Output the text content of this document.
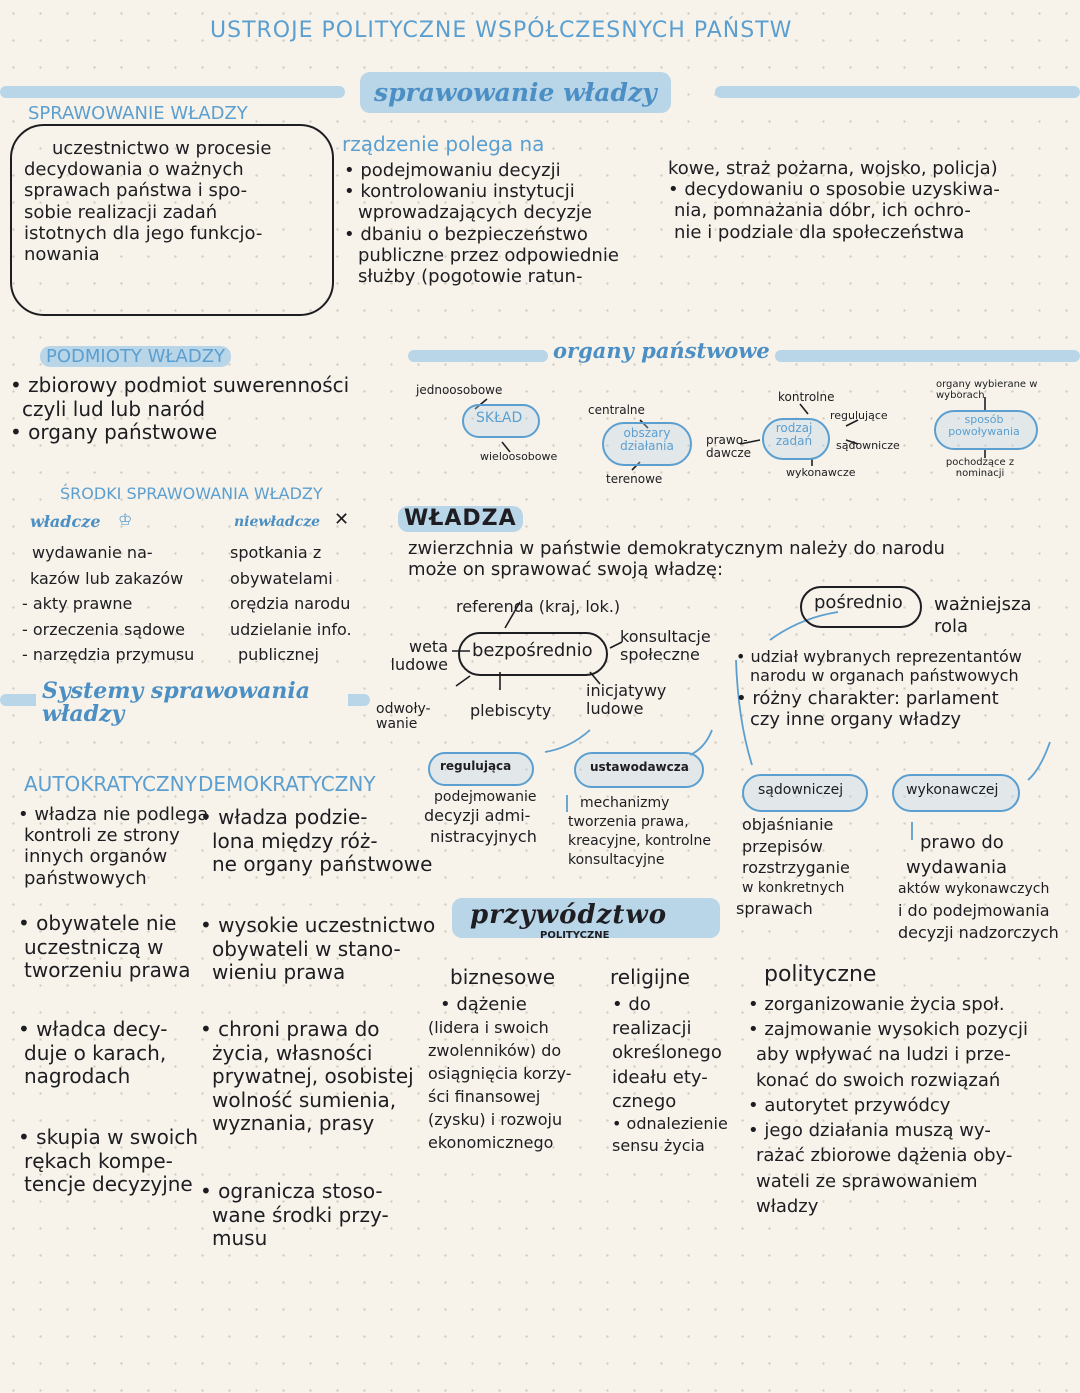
USTROJE POLITYCZNE WSPÓŁCZESNYCH PAŃSTW
sprawowanie władzy
SPRAWOWANIE WŁADZY
uczestnictwo w procesie
decydowania o ważnych
sprawach państwa i spo-
sobie realizacji zadań
istotnych dla jego funkcjo-
nowania
rządzenie polega na
• podejmowaniu decyzji
• kontrolowaniu instytucji
wprowadzających decyzje
• dbaniu o bezpieczeństwo
publiczne przez odpowiednie
służby (pogotowie ratun-
kowe, straż pożarna, wojsko, policja)
• decydowaniu o sposobie uzyskiwa-
nia, pomnażania dóbr, ich ochro-
nie i podziale dla społeczeństwa
PODMIOTY WŁADZY
• zbiorowy podmiot suwerenności
czyli lud lub naród
• organy państwowe
organy państwowe
jednoosobowe
SKŁAD
wieloosobowe
centralne
obszary działania
terenowe
prawo-dawcze
kontrolne
rodzaj zadań
regulujące
sądownicze
wykonawcze
organy wybierane w wyborach
sposób powoływania
pochodzące z nominacji
ŚRODKI SPRAWOWANIA WŁADZY
władcze ♔	niewładcze ✕
wydawanie na-
kazów lub zakazów
- akty prawne
- orzeczenia sądowe
- narzędzia przymusu
spotkania z
obywatelami
orędzia narodu
udzielanie info.
publicznej
Systemy sprawowania władzy
AUTOKRATYCZNY
• władza nie podlega
kontroli ze strony
innych organów
państwowych
• obywatele nie
uczestniczą w
tworzeniu prawa
• władca decy-
duje o karach,
nagrodach
• skupia w swoich
rękach kompe-
tencje decyzyjne
DEMOKRATYCZNY
• władza podzie-
lona między róż-
ne organy państwowe
• wysokie uczestnictwo
obywateli w stano-
wieniu prawa
• chroni prawa do
życia, własności
prywatnej, osobistej
wolność sumienia,
wyznania, prasy
• ogranicza stoso-
wane środki przy-
musu
WŁADZA
zwierzchnia w państwie demokratycznym należy do narodu
może on sprawować swoją władzę:
referenda (kraj, lok.)
bezpośrednio
konsultacje społeczne
weta ludowe
odwoły-wanie
plebiscyty
inicjatywy ludowe
pośrednio ważniejsza rola
• udział wybranych reprezentantów
narodu w organach państwowych
• różny charakter: parlament
czy inne organy władzy
regulująca
podejmowanie
decyzji admi-
nistracyjnych
ustawodawcza
mechanizmy
tworzenia prawa,
kreacyjne, kontrolne
konsultacyjne
sądowniczej
objaśnianie
przepisów
rozstrzyganie
w konkretnych
sprawach
wykonawczej
prawo do
wydawania
aktów wykonawczych
i do podejmowania
decyzji nadzorczych
przywództwo
POLITYCZNE
biznesowe
• dążenie
(lidera i swoich
zwolenników) do
osiągnięcia korzy-
ści finansowej
(zysku) i rozwoju
ekonomicznego
religijne
• do
realizacji
określonego
ideału ety-
cznego
• odnalezienie
sensu życia
polityczne
• zorganizowanie życia społ.
• zajmowanie wysokich pozycji
aby wpływać na ludzi i prze-
konać do swoich rozwiązań
• autorytet przywódcy
• jego działania muszą wy-
rażać zbiorowe dążenia oby-
wateli ze sprawowaniem
władzy
